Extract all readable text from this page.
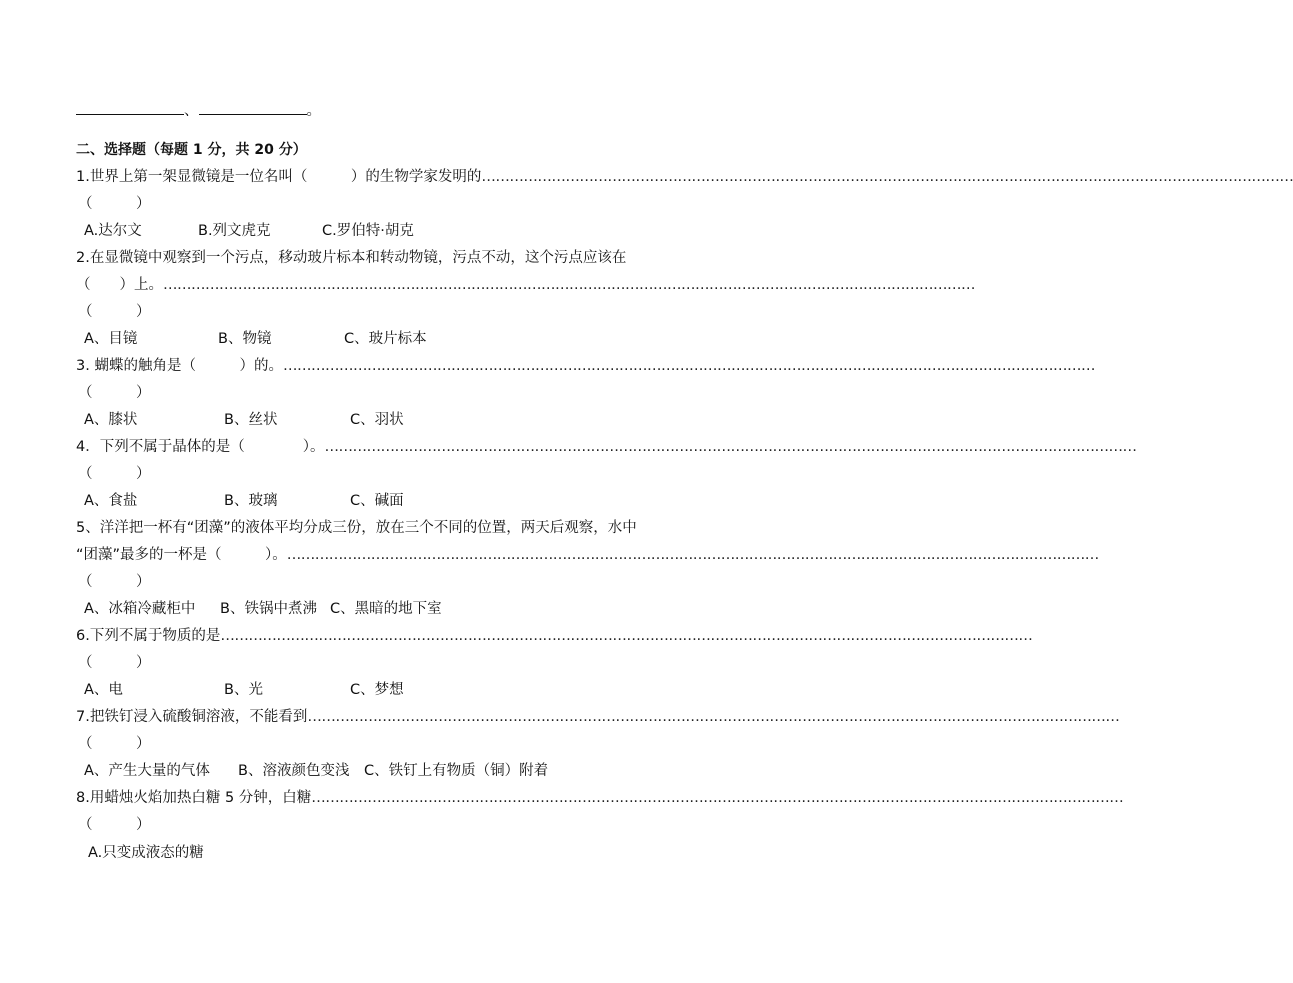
、	。
二、选择题（每题 1 分，共 20 分）
1.世界上第一架显微镜是一位名叫（　　　）的生物学家发明的 …………………………………………………………………………………………………………………………………………………………
（　　　）
A.达尔文	B.列文虎克	C.罗伯特·胡克
2.在显微镜中观察到一个污点，移动玻片标本和转动物镜，污点不动，这个污点应该在
（　　）上。 …………………………………………………………………………………………………………………………………………………………
（　　　）
A、目镜	B、物镜	C、玻片标本
3. 蝴蝶的触角是（　　　）的。 …………………………………………………………………………………………………………………………………………………………
（　　　）
A、膝状	B、丝状	C、羽状
4．下列不属于晶体的是（　　　　）。 …………………………………………………………………………………………………………………………………………………………
（　　　）
A、食盐	B、玻璃	C、碱面
5、洋洋把一杯有“团藻”的液体平均分成三份，放在三个不同的位置，两天后观察，水中
“团藻”最多的一杯是（　　　）。 …………………………………………………………………………………………………………………………………………………………
（　　　）
A、冰箱冷藏柜中	B、铁锅中煮沸 C、黑暗的地下室
6.下列不属于物质的是 …………………………………………………………………………………………………………………………………………………………
（　　　）
A、电	B、光	C、梦想
7.把铁钉浸入硫酸铜溶液，不能看到 …………………………………………………………………………………………………………………………………………………………
（　　　）
A、产生大量的气体	B、溶液颜色变浅	C、铁钉上有物质（铜）附着
8.用蜡烛火焰加热白糖 5 分钟，白糖 …………………………………………………………………………………………………………………………………………………………
（　　　）
A.只变成液态的糖
